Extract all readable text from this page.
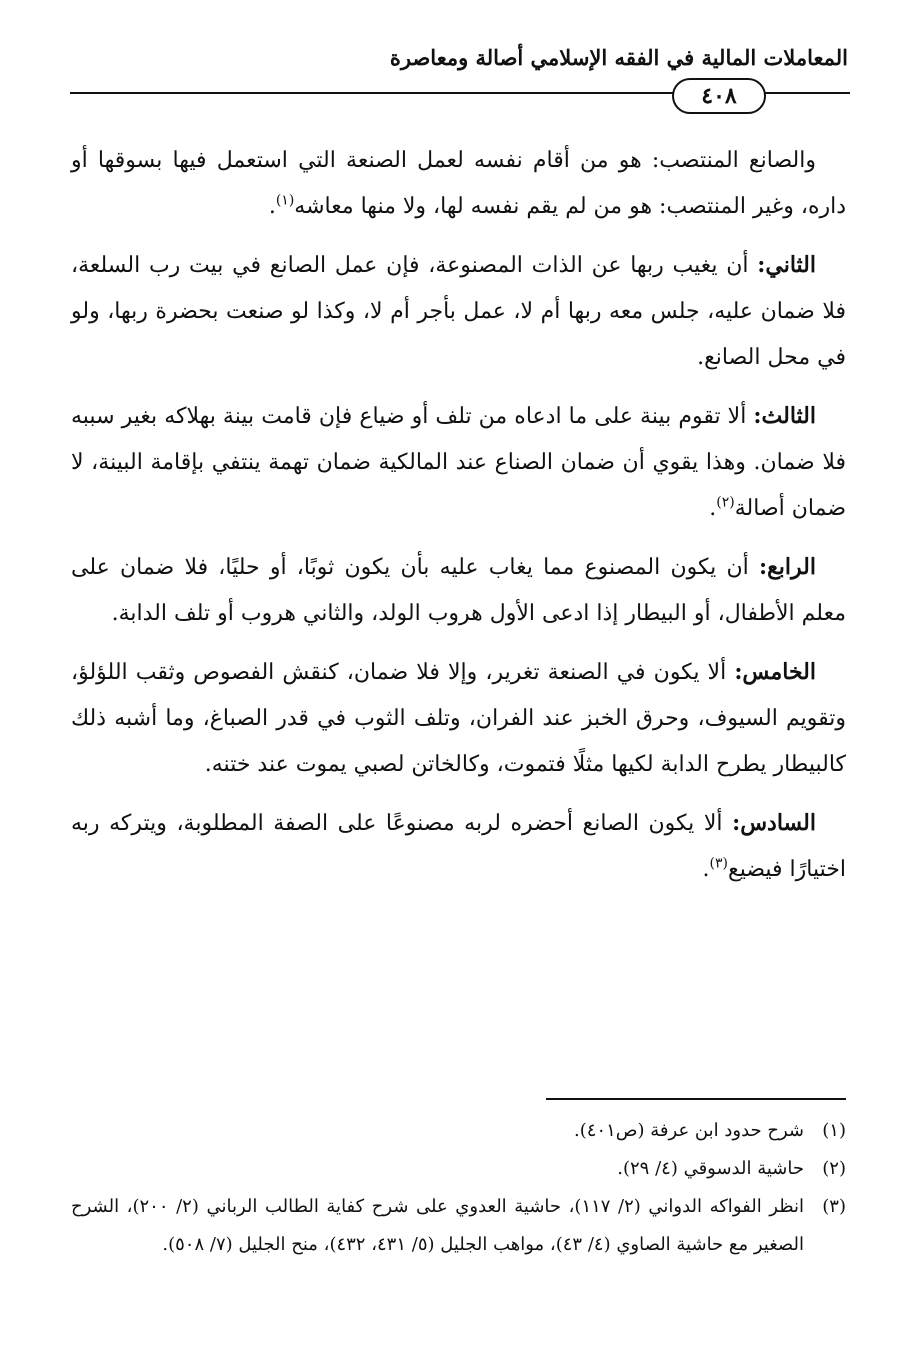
المعاملات المالية في الفقه الإسلامي أصالة ومعاصرة
٤٠٨

والصانع المنتصب: هو من أقام نفسه لعمل الصنعة التي استعمل فيها بسوقها أو داره، وغير المنتصب: هو من لم يقم نفسه لها، ولا منها معاشه$^{(١)}$.

الثاني: أن يغيب ربها عن الذات المصنوعة، فإن عمل الصانع في بيت رب السلعة، فلا ضمان عليه، جلس معه ربها أم لا، عمل بأجر أم لا، وكذا لو صنعت بحضرة ربها، ولو في محل الصانع.

الثالث: ألا تقوم بينة على ما ادعاه من تلف أو ضياع فإن قامت بينة بهلاكه بغير سببه فلا ضمان. وهذا يقوي أن ضمان الصناع عند المالكية ضمان تهمة ينتفي بإقامة البينة، لا ضمان أصالة$^{(٢)}$.

الرابع: أن يكون المصنوع مما يغاب عليه بأن يكون ثوبًا، أو حليًا، فلا ضمان على معلم الأطفال، أو البيطار إذا ادعى الأول هروب الولد، والثاني هروب أو تلف الدابة.

الخامس: ألا يكون في الصنعة تغرير، وإلا فلا ضمان، كنقش الفصوص وثقب اللؤلؤ، وتقويم السيوف، وحرق الخبز عند الفران، وتلف الثوب في قدر الصباغ، وما أشبه ذلك كالبيطار يطرح الدابة لكيها مثلًا فتموت، وكالخاتن لصبي يموت عند ختنه.

السادس: ألا يكون الصانع أحضره لربه مصنوعًا على الصفة المطلوبة، ويتركه ربه اختيارًا فيضيع$^{(٣)}$.

(١)
شرح حدود ابن عرفة (ص٤٠١).
(٢)
حاشية الدسوقي (٤/ ٢٩).
(٣)
انظر الفواكه الدواني (٢/ ١١٧)، حاشية العدوي على شرح كفاية الطالب الرباني (٢/ ٢٠٠)، الشرح الصغير مع حاشية الصاوي (٤/ ٤٣)، مواهب الجليل (٥/ ٤٣١، ٤٣٢)، منح الجليل (٧/ ٥٠٨).
